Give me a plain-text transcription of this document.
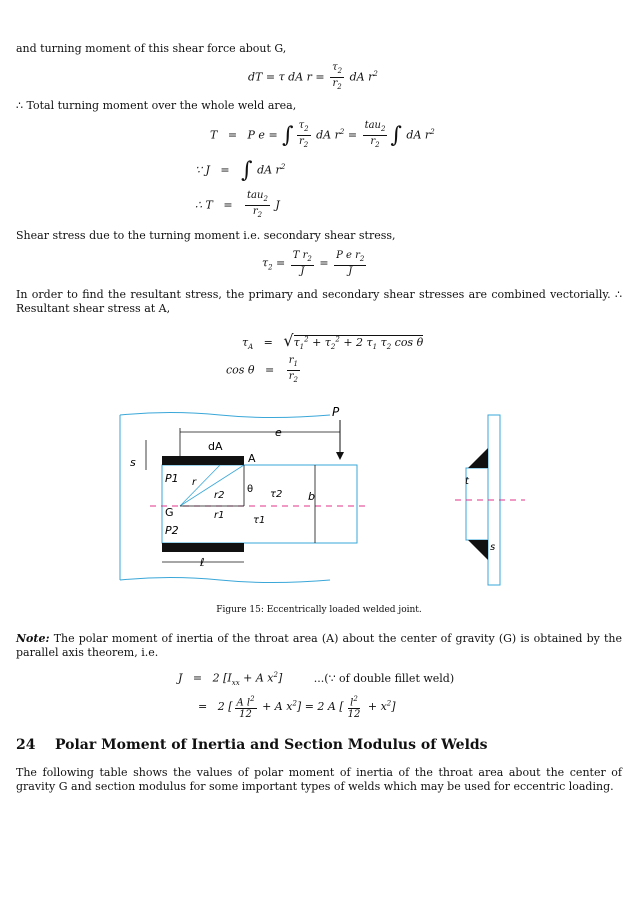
and turning moment of this shear force about G,
dT = τ dA $r = \frac{\tau_2}{r_2}$ dA $r^2$
∴ Total turning moment over the whole weld area,
T   =   P e = ∫ $\frac{\tau_2}{r_2}$ dA $r^2 = \frac{tau_2}{r_2}$ ∫ dA $r^2$
∵ J   =   ∫ dA $r^2$
∴ $T = \frac{tau_2}{r_2}$ J
Shear stress due to the turning moment i.e. secondary shear stress,
$\tau_2 = \frac{T r_2}{J} = \frac{P e r_2}{J}$
In order to find the resultant stress, the primary and secondary shear stresses are combined vectorially. ∴ Resultant shear stress at A,
$\tau_A = √\tau_1^2 + \tau_2^2 + 2$ $\tau_1$ $\tau_2$ cos θ
$\cos \theta = \frac{r_1}{r_2}$
e
P
b
s
dA
A
P1
G
P2
r
r2
r1
θ τ2
τ1
ℓ
s
t
Figure 15: Eccentrically loaded welded joint.
Note: The polar moment of inertia of the throat area (A) about the center of gravity (G) is obtained by the parallel axis theorem, i.e.
J   =   2 [$I_{xx} + A$ $x^2$]	...(∵ of double fillet weld)
=   2 [ $\frac{A l^2}{12} + A$ $x^2] = 2$ A [ $\frac{l^2}{12} + x^2$]
24 Polar Moment of Inertia and Section Modulus of Welds
The following table shows the values of polar moment of inertia of the throat area about the center of gravity G and section modulus for some important types of welds which may be used for eccentric loading.
